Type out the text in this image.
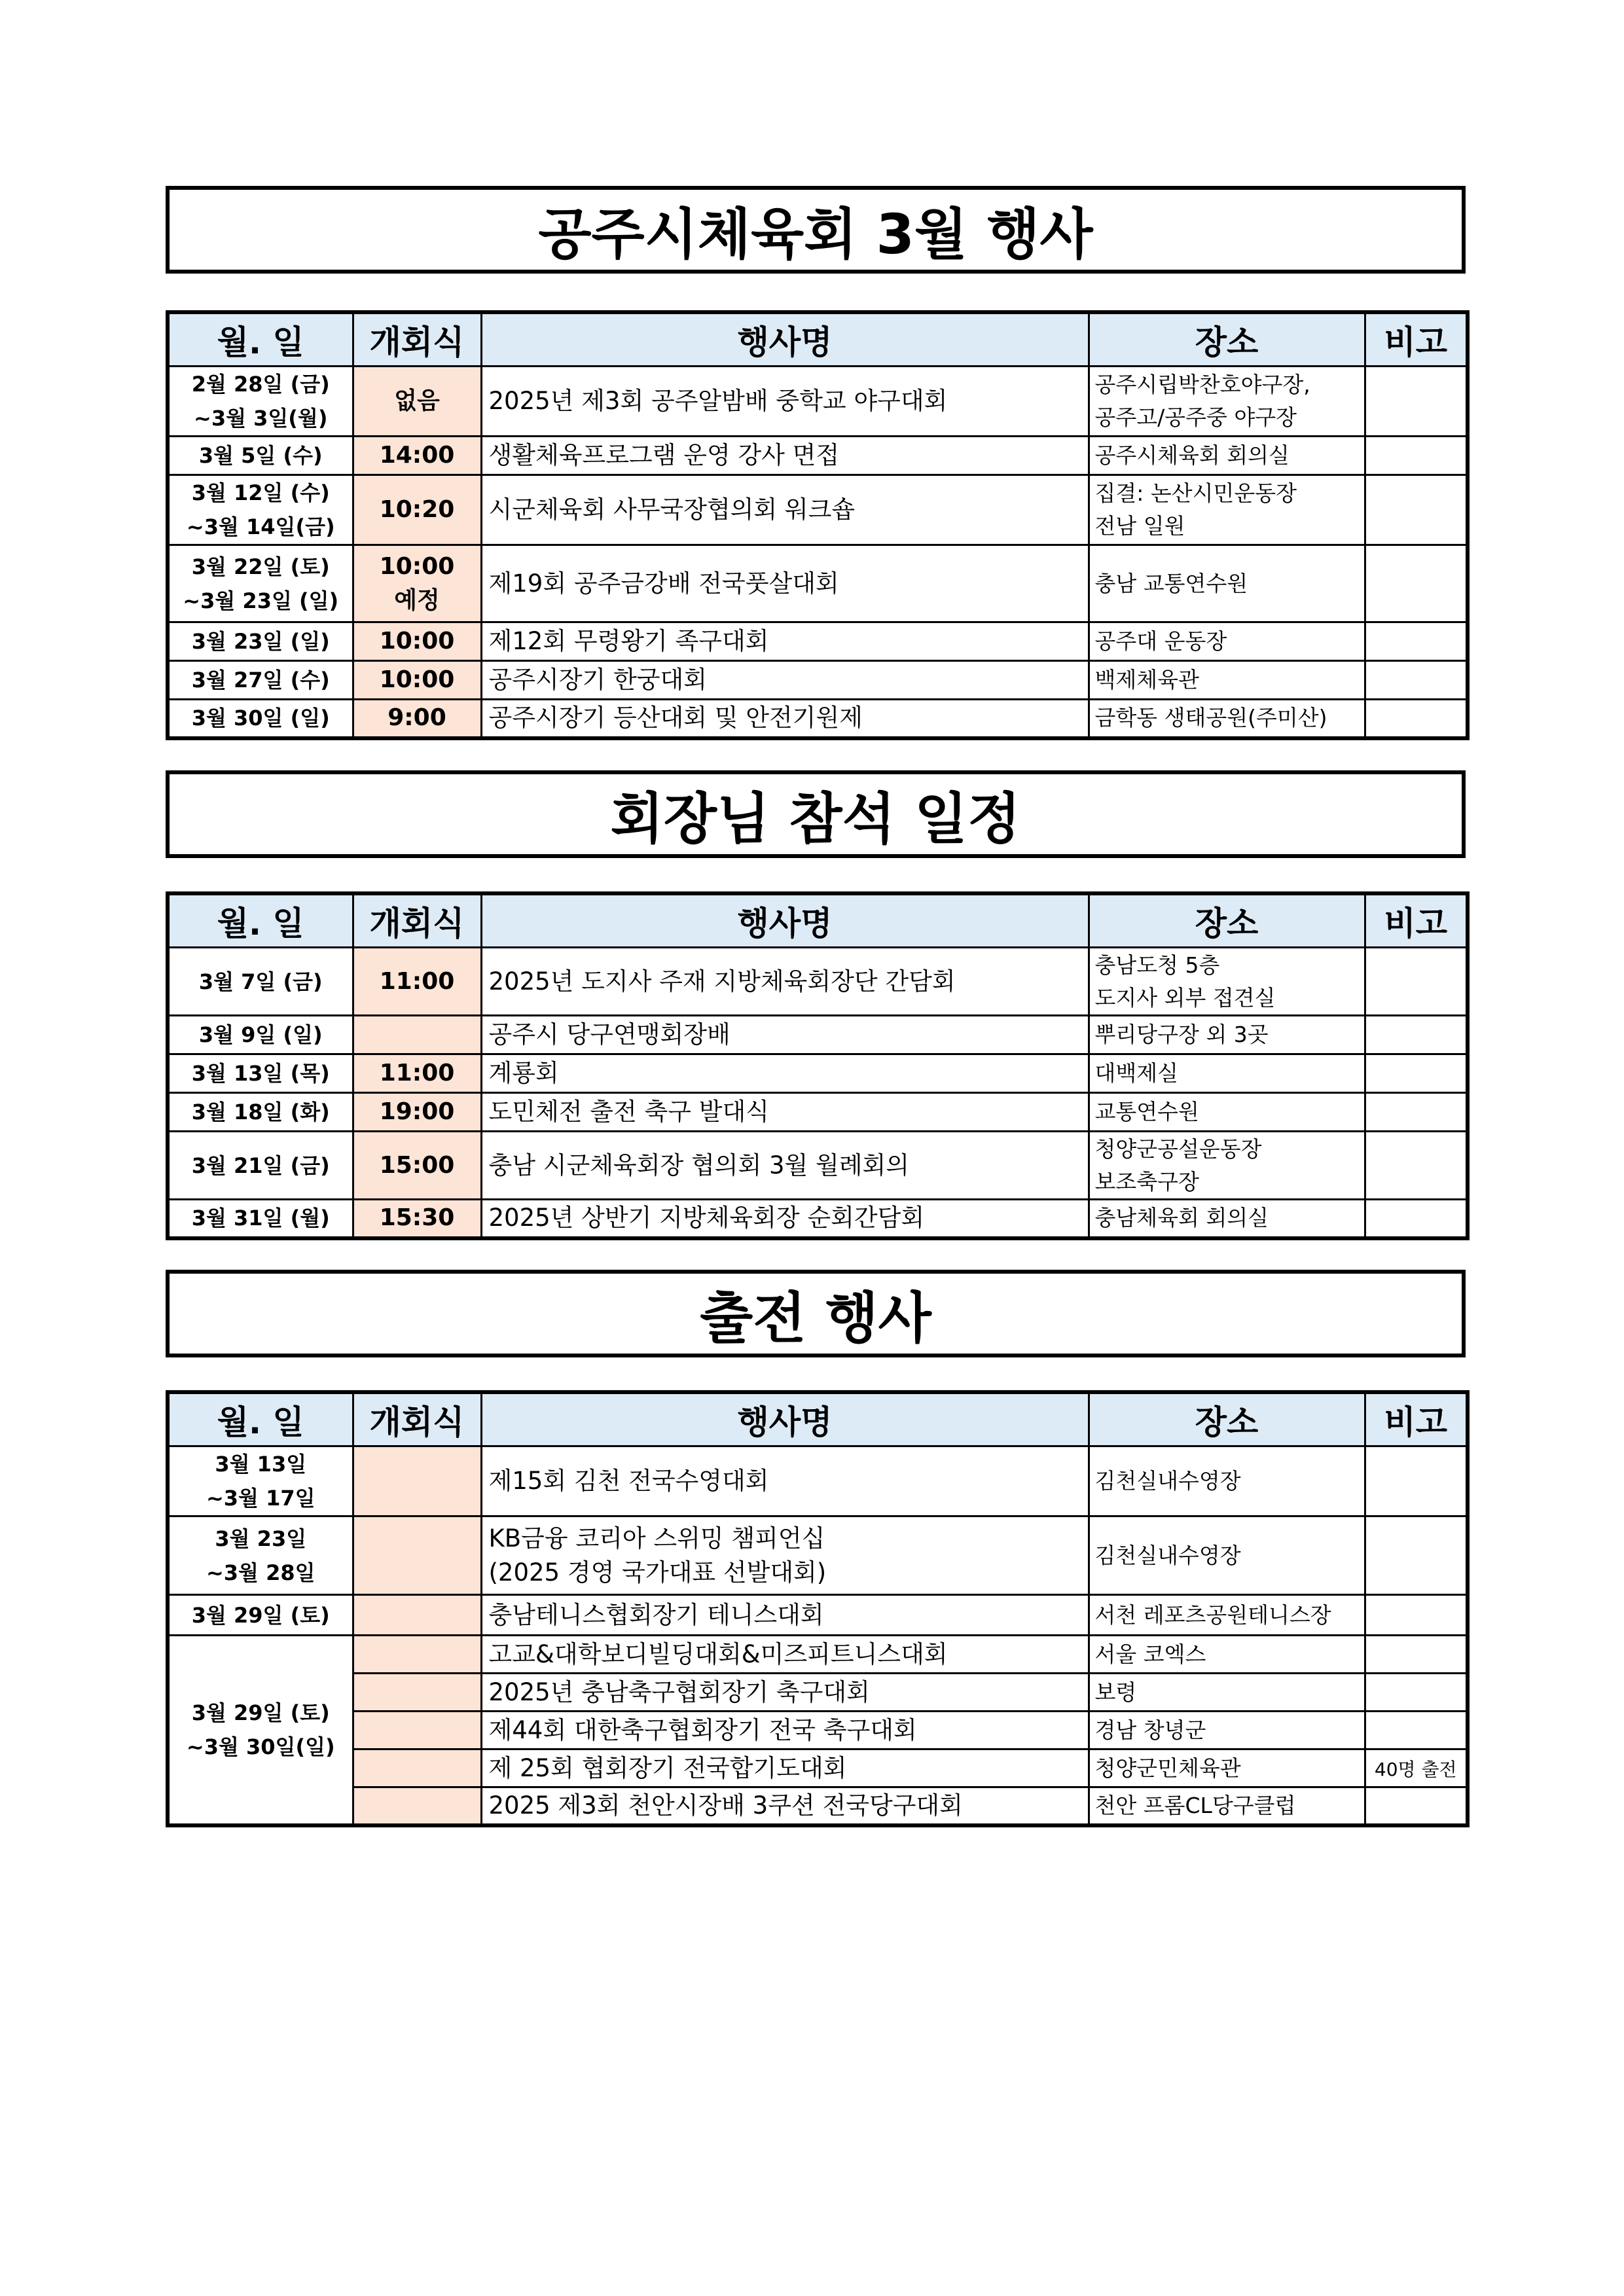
공주시체육회 3월 행사
월. 일	개회식	행사명	장소	비고

2월 28일 (금)
~3월 3일(월)	없음	2025년 제3회 공주알밤배 중학교 야구대회	공주시립박찬호야구장,
공주고/공주중 야구장	

3월 5일 (수)	14:00	생활체육프로그램 운영 강사 면접	공주시체육회 회의실	

3월 12일 (수)
~3월 14일(금)	10:20	시군체육회 사무국장협의회 워크숍	집결: 논산시민운동장
전남 일원	

3월 22일 (토)
~3월 23일 (일)	10:00
예정	제19회 공주금강배 전국풋살대회	충남 교통연수원	

3월 23일 (일)	10:00	제12회 무령왕기 족구대회	공주대 운동장	

3월 27일 (수)	10:00	공주시장기 한궁대회	백제체육관	

3월 30일 (일)	9:00	공주시장기 등산대회 및 안전기원제	금학동 생태공원(주미산)	

회장님 참석 일정
월. 일	개회식	행사명	장소	비고

3월 7일 (금)	11:00	2025년 도지사 주재 지방체육회장단 간담회	충남도청 5층
도지사 외부 접견실	

3월 9일 (일)		공주시 당구연맹회장배	뿌리당구장 외 3곳	

3월 13일 (목)	11:00	계룡회	대백제실	

3월 18일 (화)	19:00	도민체전 출전 축구 발대식	교통연수원	

3월 21일 (금)	15:00	충남 시군체육회장 협의회 3월 월례회의	청양군공설운동장
보조축구장	

3월 31일 (월)	15:30	2025년 상반기 지방체육회장 순회간담회	충남체육회 회의실	

출전 행사
월. 일	개회식	행사명	장소	비고

3월 13일
~3월 17일		제15회 김천 전국수영대회	김천실내수영장	

3월 23일
~3월 28일		KB금융 코리아 스위밍 챔피언십
(2025 경영 국가대표 선발대회)	김천실내수영장	

3월 29일 (토)		충남테니스협회장기 테니스대회	서천 레포츠공원테니스장	

3월 29일 (토)
~3월 30일(일)		고교&대학보디빌딩대회&미즈피트니스대회	서울 코엑스	

		2025년 충남축구협회장기 축구대회	보령	

		제44회 대한축구협회장기 전국 축구대회	경남 창녕군	

		제 25회 협회장기 전국합기도대회	청양군민체육관	40명 출전

		2025 제3회 천안시장배 3쿠션 전국당구대회	천안 프롬CL당구클럽	
